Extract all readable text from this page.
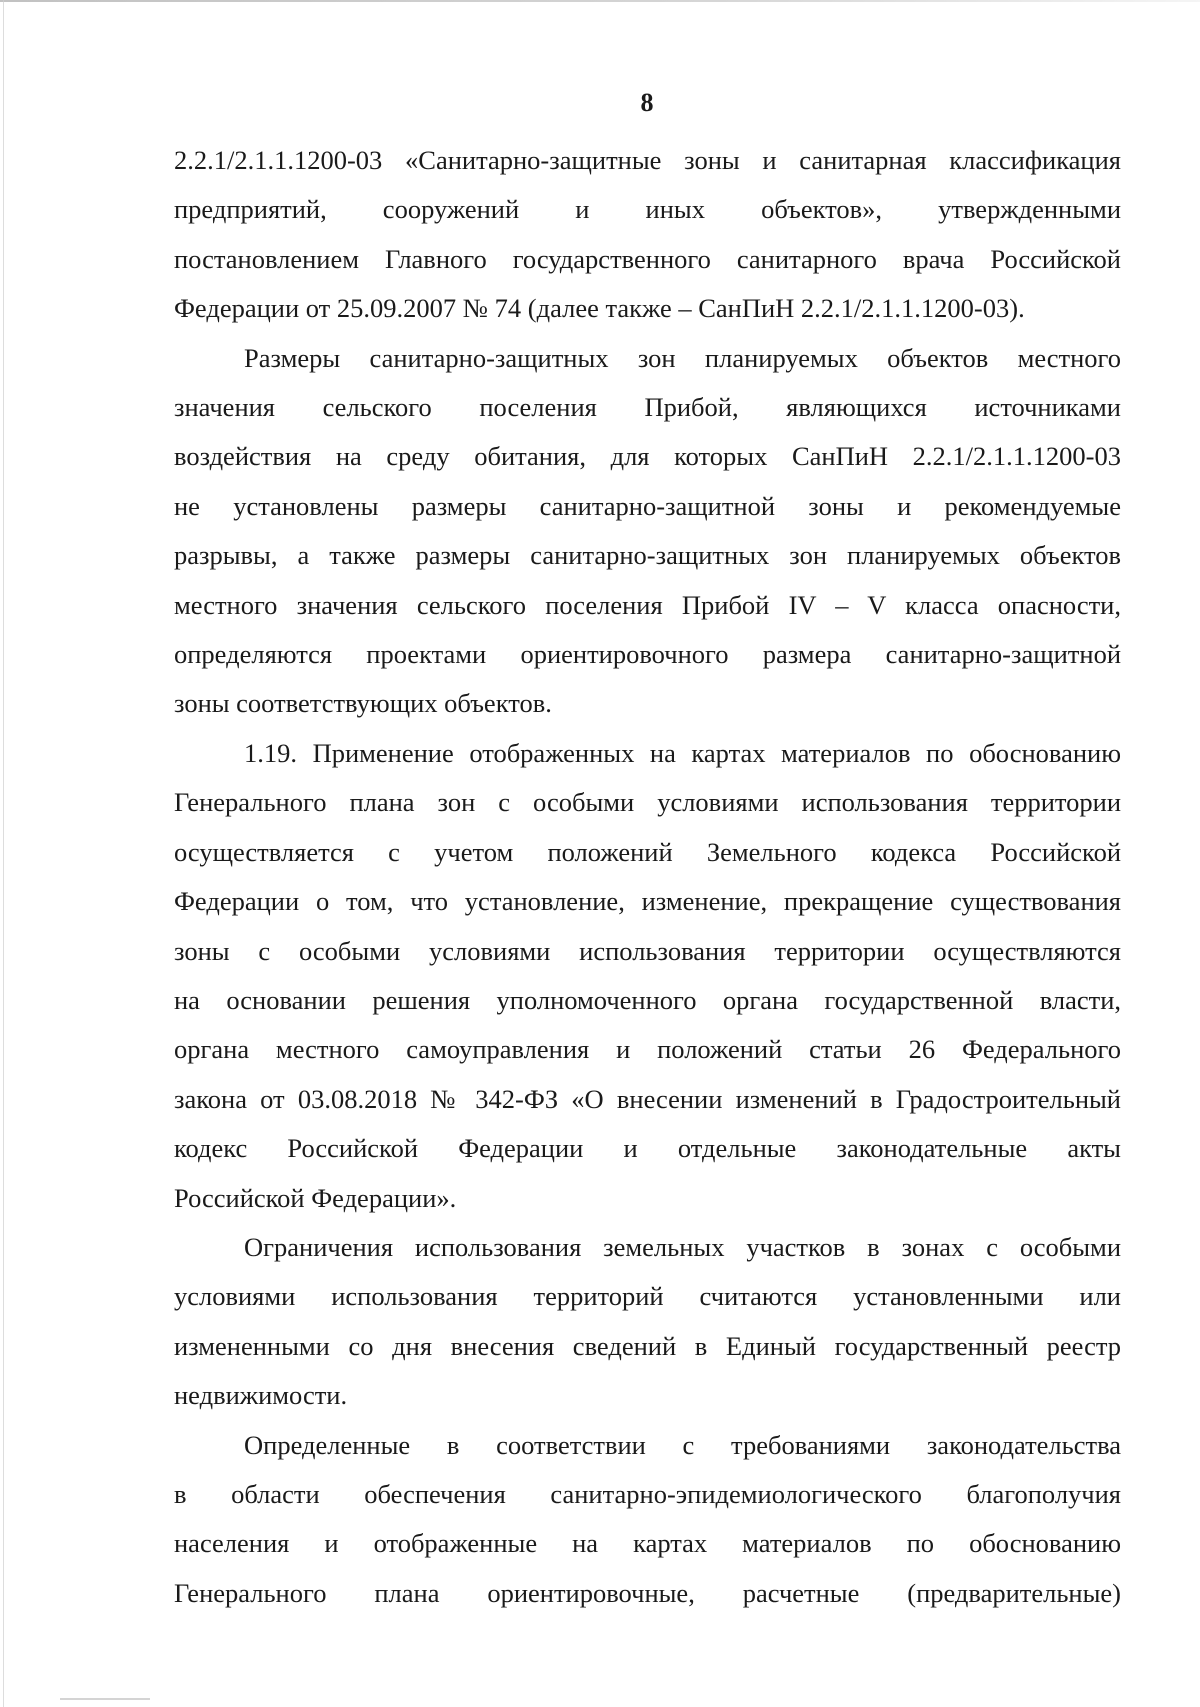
8
2.2.1/2.1.1.1200-03 «Санитарно-защитные зоны и санитарная классификация
предприятий, сооружений и иных объектов», утвержденными
постановлением Главного государственного санитарного врача Российской
Федерации от 25.09.2007 № 74 (далее также – СанПиН 2.2.1/2.1.1.1200-03).
Размеры санитарно-защитных зон планируемых объектов местного
значения сельского поселения Прибой, являющихся источниками
воздействия на среду обитания, для которых СанПиН 2.2.1/2.1.1.1200-03
не установлены размеры санитарно-защитной зоны и рекомендуемые
разрывы, а также размеры санитарно-защитных зон планируемых объектов
местного значения сельского поселения Прибой IV – V класса опасности,
определяются проектами ориентировочного размера санитарно-защитной
зоны соответствующих объектов.
1.19. Применение отображенных на картах материалов по обоснованию
Генерального плана зон с особыми условиями использования территории
осуществляется с учетом положений Земельного кодекса Российской
Федерации о том, что установление, изменение, прекращение существования
зоны с особыми условиями использования территории осуществляются
на основании решения уполномоченного органа государственной власти,
органа местного самоуправления и положений статьи 26 Федерального
закона от 03.08.2018 № 342-ФЗ «О внесении изменений в Градостроительный
кодекс Российской Федерации и отдельные законодательные акты
Российской Федерации».
Ограничения использования земельных участков в зонах с особыми
условиями использования территорий считаются установленными или
измененными со дня внесения сведений в Единый государственный реестр
недвижимости.
Определенные в соответствии с требованиями законодательства
в области обеспечения санитарно-эпидемиологического благополучия
населения и отображенные на картах материалов по обоснованию
Генерального плана ориентировочные, расчетные (предварительные)
